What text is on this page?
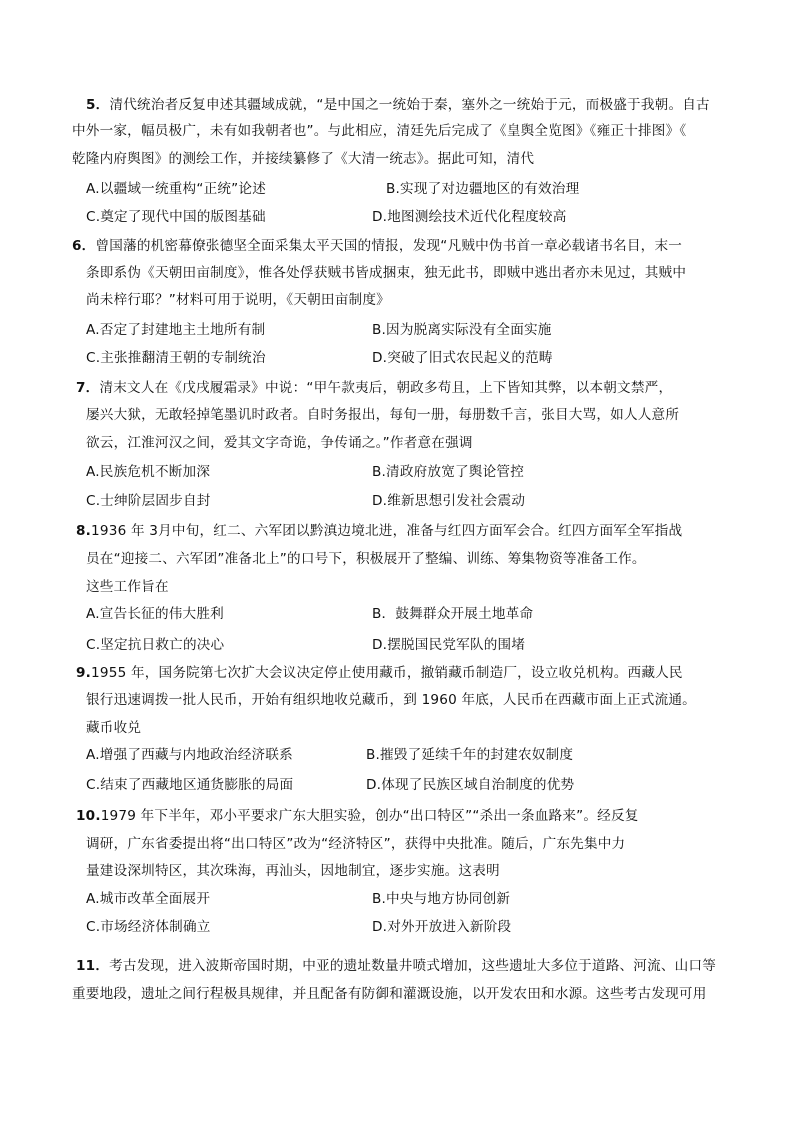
5．清代统治者反复申述其疆域成就，“是中国之一统始于秦，塞外之一统始于元，而极盛于我朝。自古
中外一家，幅员极广，未有如我朝者也”。与此相应，清廷先后完成了《皇舆全览图》《雍正十排图》《
乾隆内府舆图》的测绘工作，并接续纂修了《大清一统志》。据此可知，清代
A.以疆域一统重构“正统”论述	B.实现了对边疆地区的有效治理
C.奠定了现代中国的版图基础	D.地图测绘技术近代化程度较高
6．曾国藩的机密幕僚张德坚全面采集太平天国的情报，发现“凡贼中伪书首一章必载诸书名目，末一
条即系伪《天朝田亩制度》，惟各处俘获贼书皆成捆束，独无此书，即贼中逃出者亦未见过，其贼中
尚未梓行耶？”材料可用于说明，《天朝田亩制度》
A.否定了封建地主土地所有制	B.因为脱离实际没有全面实施
C.主张推翻清王朝的专制统治	D.突破了旧式农民起义的范畴
7．清末文人在《戊戌履霜录》中说：“甲午款夷后，朝政多苟且，上下皆知其弊，以本朝文禁严，
屡兴大狱，无敢轻掉笔墨讥时政者。自时务报出，每旬一册，每册数千言，张目大骂，如人人意所
欲云，江淮河汉之间，爱其文字奇诡，争传诵之。”作者意在强调
A.民族危机不断加深	B.清政府放宽了舆论管控
C.士绅阶层固步自封	D.维新思想引发社会震动
8.1936 年 3月中旬，红二、六军团以黔滇边境北进，准备与红四方面军会合。红四方面军全军指战
员在“迎接二、六军团”准备北上”的口号下，积极展开了整编、训练、筹集物资等准备工作。
这些工作旨在
A.宣告长征的伟大胜利	B．鼓舞群众开展土地革命
C.坚定抗日救亡的决心	D.摆脱国民党军队的围堵
9.1955 年，国务院第七次扩大会议决定停止使用藏币，撤销藏币制造厂，设立收兑机构。西藏人民
银行迅速调拨一批人民币，开始有组织地收兑藏币，到 1960 年底，人民币在西藏市面上正式流通。
藏币收兑
A.增强了西藏与内地政治经济联系	B.摧毁了延续千年的封建农奴制度
C.结束了西藏地区通货膨胀的局面	D.体现了民族区域自治制度的优势
10.1979 年下半年，邓小平要求广东大胆实验，创办“出口特区”“杀出一条血路来”。经反复
调研，广东省委提出将“出口特区”改为“经济特区”，获得中央批准。随后，广东先集中力
量建设深圳特区，其次珠海，再汕头，因地制宜，逐步实施。这表明
A.城市改革全面展开	B.中央与地方协同创新
C.市场经济体制确立	D.对外开放进入新阶段
11．考古发现，进入波斯帝国时期，中亚的遗址数量井喷式增加，这些遗址大多位于道路、河流、山口等
重要地段，遗址之间行程极具规律，并且配备有防御和灌溉设施，以开发农田和水源。这些考古发现可用
